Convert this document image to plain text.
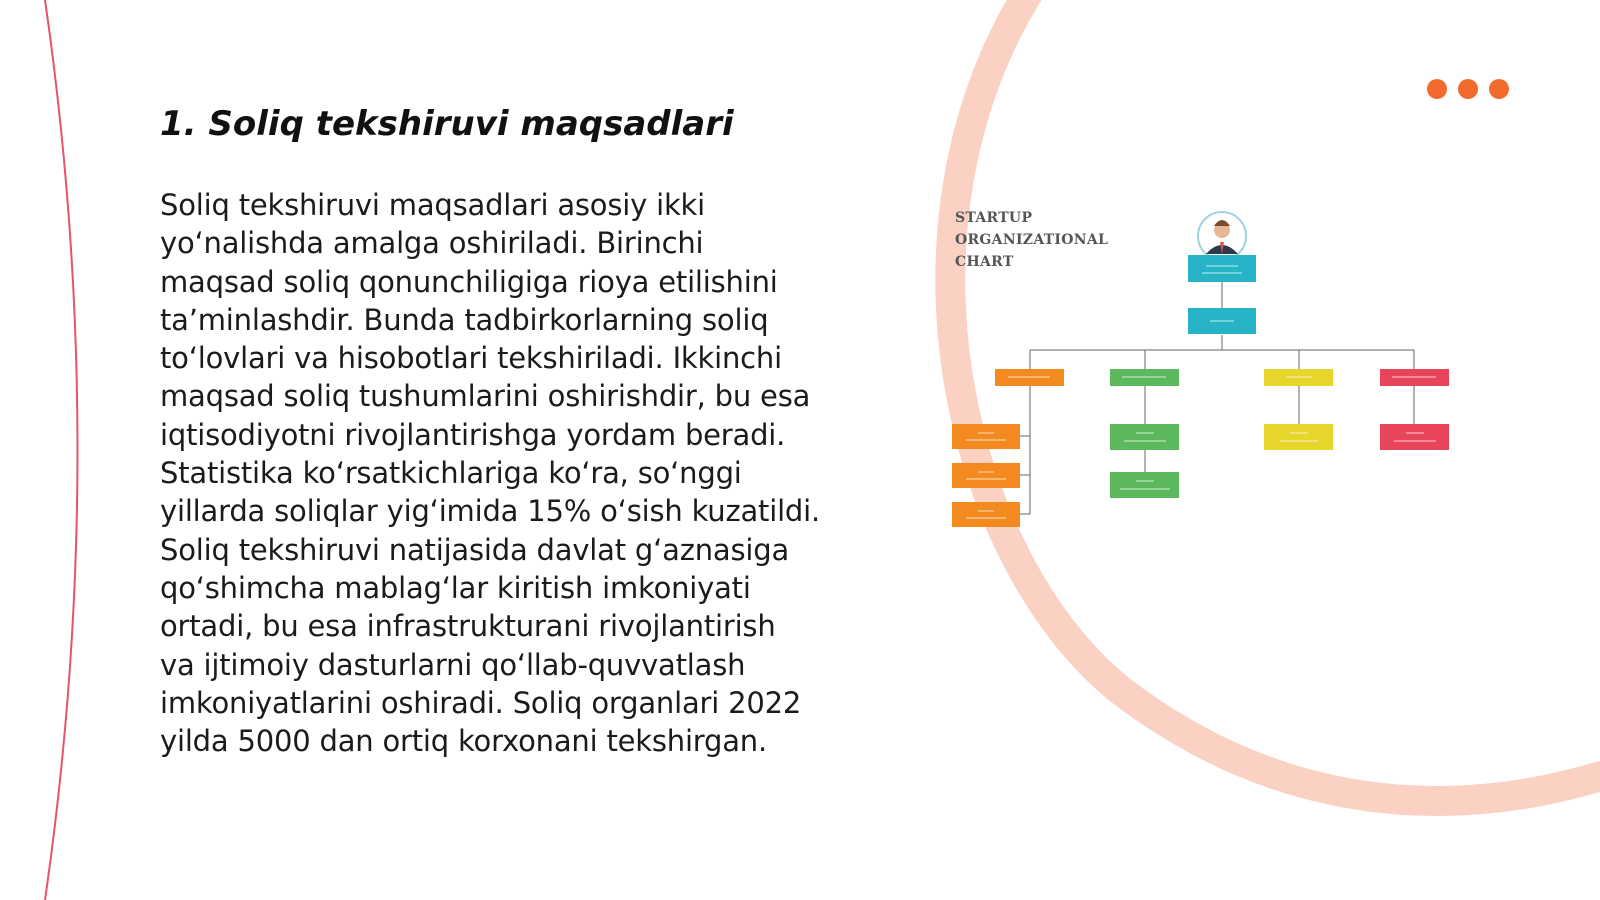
1. Soliq tekshiruvi maqsadlari

Soliq tekshiruvi maqsadlari asosiy ikki
yo‘nalishda amalga oshiriladi. Birinchi
maqsad soliq qonunchiligiga rioya etilishini
ta’minlashdir. Bunda tadbirkorlarning soliq
to‘lovlari va hisobotlari tekshiriladi. Ikkinchi
maqsad soliq tushumlarini oshirishdir, bu esa
iqtisodiyotni rivojlantirishga yordam beradi.
Statistika ko‘rsatkichlariga ko‘ra, so‘nggi
yillarda soliqlar yig‘imida 15% o‘sish kuzatildi.
Soliq tekshiruvi natijasida davlat g‘aznasiga
qo‘shimcha mablag‘lar kiritish imkoniyati
ortadi, bu esa infrastrukturani rivojlantirish
va ijtimoiy dasturlarni qo‘llab-quvvatlash
imkoniyatlarini oshiradi. Soliq organlari 2022
yilda 5000 dan ortiq korxonani tekshirgan.

STARTUP
ORGANIZATIONAL
CHART
